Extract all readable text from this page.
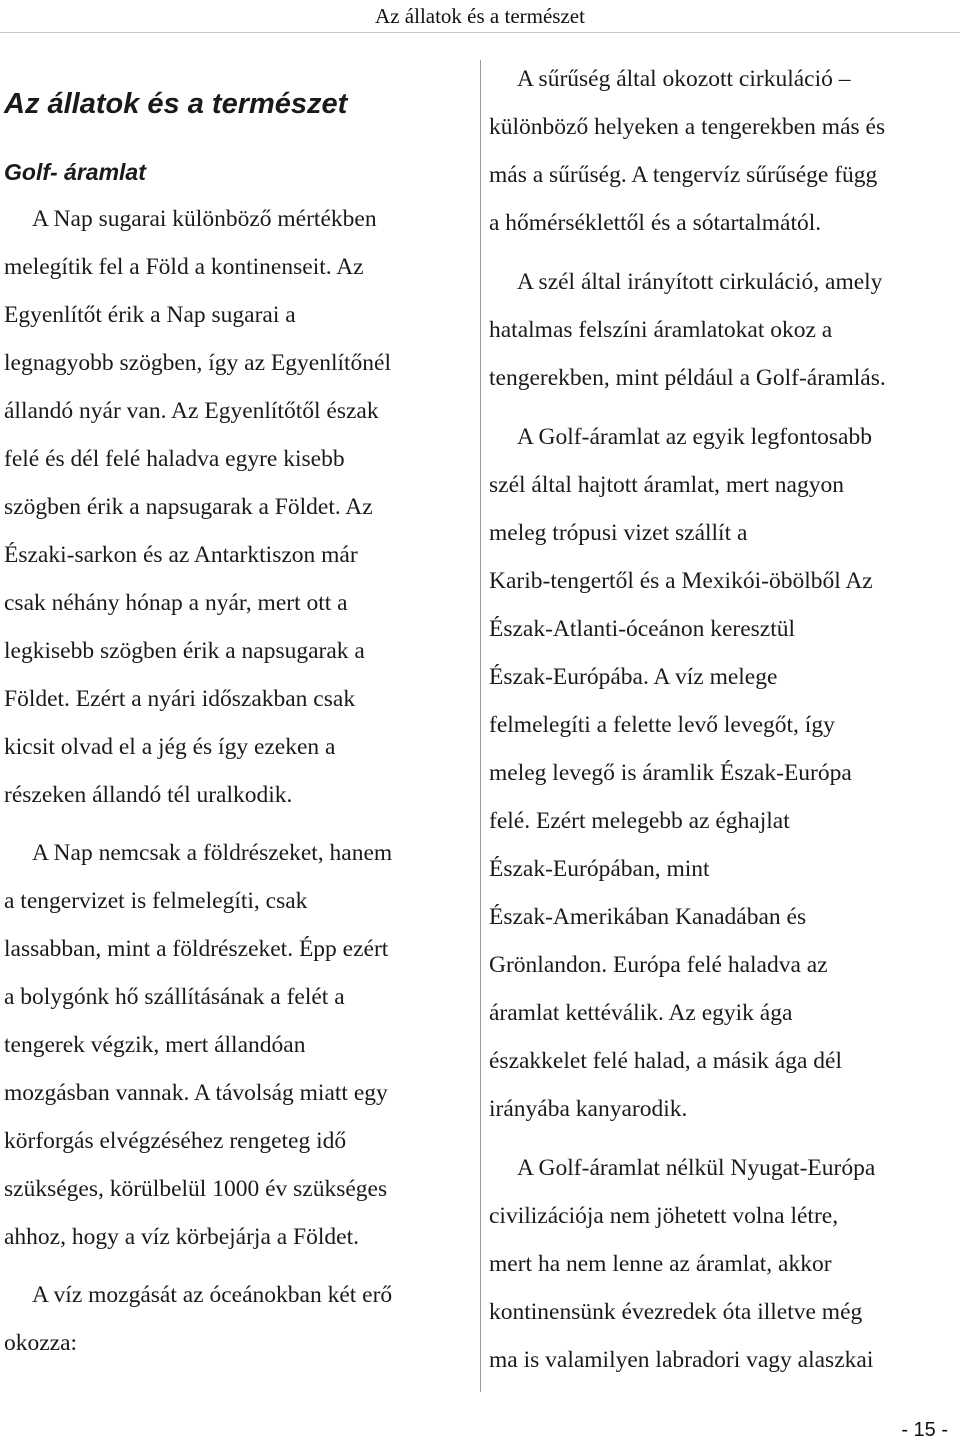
Az állatok és a természet
Az állatok és a természet
Golf- áramlat
A Nap sugarai különböző mértékben
melegítik fel a Föld a kontinenseit. Az
Egyenlítőt érik a Nap sugarai a
legnagyobb szögben, így az Egyenlítőnél
állandó nyár van. Az Egyenlítőtől észak
felé és dél felé haladva egyre kisebb
szögben érik a napsugarak a Földet. Az
Északi-sarkon és az Antarktiszon már
csak néhány hónap a nyár, mert ott a
legkisebb szögben érik a napsugarak a
Földet. Ezért a nyári időszakban csak
kicsit olvad el a jég és így ezeken a
részeken állandó tél uralkodik.
A Nap nemcsak a földrészeket, hanem
a tengervizet is felmelegíti, csak
lassabban, mint a földrészeket. Épp ezért
a bolygónk hő szállításának a felét a
tengerek végzik, mert állandóan
mozgásban vannak. A távolság miatt egy
körforgás elvégzéséhez rengeteg idő
szükséges, körülbelül 1000 év szükséges
ahhoz, hogy a víz körbejárja a Földet.
A víz mozgását az óceánokban két erő
okozza:
A sűrűség által okozott cirkuláció –
különböző helyeken a tengerekben más és
más a sűrűség. A tengervíz sűrűsége függ
a hőmérséklettől és a sótartalmától.
A szél által irányított cirkuláció, amely
hatalmas felszíni áramlatokat okoz a
tengerekben, mint például a Golf-áramlás.
A Golf-áramlat az egyik legfontosabb
szél által hajtott áramlat, mert nagyon
meleg trópusi vizet szállít a
Karib-tengertől és a Mexikói-öbölből Az
Észak-Atlanti-óceánon keresztül
Észak-Európába. A víz melege
felmelegíti a felette levő levegőt, így
meleg levegő is áramlik Észak-Európa
felé. Ezért melegebb az éghajlat
Észak-Európában, mint
Észak-Amerikában Kanadában és
Grönlandon. Európa felé haladva az
áramlat kettéválik. Az egyik ága
északkelet felé halad, a másik ága dél
irányába kanyarodik.
A Golf-áramlat nélkül Nyugat-Európa
civilizációja nem jöhetett volna létre,
mert ha nem lenne az áramlat, akkor
kontinensünk évezredek óta illetve még
ma is valamilyen labradori vagy alaszkai
- 15 -
